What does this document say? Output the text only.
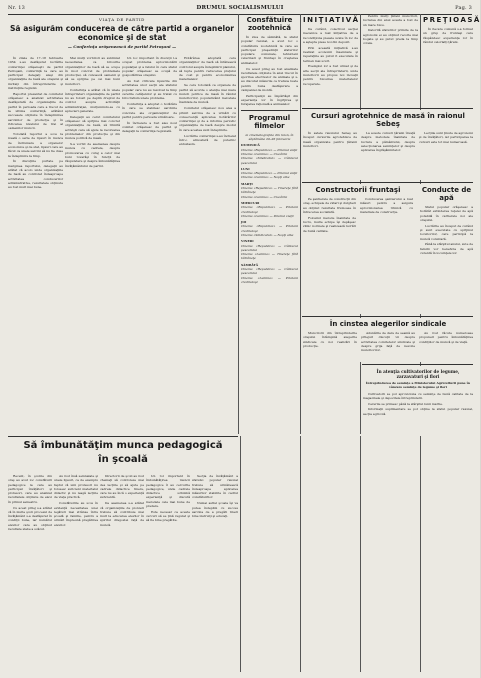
Nr. 13	DRUMUL SOCIALISMULUI	Pag. 3
VIAŢA DE PARTID
Să asigurăm conducerea de către partid a organelor economice şi de stat
— Conferinţa orăşenească de partid Petroşani —

În zilele de 17–18 februarie 1954 s-au desfăşurat lucrările conferinţei orăşeneşti de partid Petroşani, conferinţă la care au participat delegaţi aleşi din organizaţiile de bază ale oraşului şi invitaţi din întreprinderile şi instituţiile regiunii.

Raportul prezentat de comitetul orăşenesc a analizat activitatea desfăşurată de organizaţiile de partid în perioada care a trecut de la ultima conferinţă, arătând succesele obţinute în îndeplinirea sarcinilor de producţie şi în ridicarea nivelului de trai al oamenilor muncii.

Totodată raportul a scos la iveală o serie de lipsuri în munca de îndrumare a organelor economice şi de stat, lipsuri care au făcut ca unele sarcini să nu fie duse la îndeplinire la timp.

În discuţiile purtate pe marginea raportului, delegaţii au arătat că acolo unde organizaţiile de bază au controlat îndeaproape activitatea conducerilor administrative, rezultatele obţinute au fost mult mai bune.

Mai mulţi vorbitori au subliniat necesitatea ca birourile organizaţiilor de bază să se ocupe în mod concret de problemele producţiei, să cunoască oamenii şi să se sprijine pe cei mai buni muncitori.

Conferinţa a arătat că în unele întreprinderi organizaţiile de partid nu au folosit pe deplin dreptul de control asupra activităţii administraţiei, mulţumindu-se cu aprecieri generale.

Delegaţii au cerut comitetului orăşenesc să sprijine mai concret organizaţiile de bază, să trimită activişti care să ajute la rezolvarea problemelor din producţie şi din munca politică de masă.

S-a vorbit de asemenea despre munca cu cadrele, despre promovarea cu curaj a celor mai buni tovarăşi în funcţii de răspundere şi despre îmbunătăţirea învăţământului de partid.

Un loc important în discuţii l-a ocupat problema aprovizionării populaţiei şi a felului în care sfatul popular orăşenesc se ocupă de gospodărirea oraşului.

Au fost criticate lipsurile din activitatea unor secţii ale sfatului popular care nu au rezolvat la timp cererile cetăţenilor şi au tratat cu birocratism unele probleme.

Conferinţa a adoptat o hotărâre în care se stabilesc sarcinile concrete ale organizaţiilor de partid pentru perioada următoare.

În încheiere a fost ales noul comitet orăşenesc de partid şi delegaţii la conferinţa regională.

Hotărârea adoptată cere organizaţiilor de bază să întărească controlul asupra îndeplinirii planului, să lupte pentru reducerea preţului de cost şi pentru economisirea materialelor.

Se cere totodată ca organele de partid să acorde o atenţie mai mare muncii politice de masă în rândul muncitorilor, popularizând metodele înaintate de muncă.

Comitetul orăşenesc nou ales a primit sarcina de a urmări cu consecvenţă aplicarea hotărârilor conferinţei şi de a informa periodic organizaţiile de bază despre modul în care acestea sunt îndeplinite.

Lucrările conferinţei s-au încheiat într-o atmosferă de puternic entuziasm.

Consfătuire zootehnică

În ziua de sâmbătă, la sfatul popular raional, a avut loc o consfătuire zootehnică la care au participat preşedinţii sfaturilor populare comunale, tehnicieni veterinari şi fruntaşi în creşterea animalelor.

Cu acest prilej au fost analizate rezultatele obţinute în anul trecut în sporirea efectivelor de animale şi s-au discutat măsurile ce trebuie luate pentru buna desfăşurare a campaniei de montă.

Participanţii au împărtăşit din experienţa lor în îngrijirea şi furajarea raţională a animalelor.

Programul filmelor
la cinematografele din raion, în săptămâna 20–26 februarie
DUMINICĂ
Cinema «Republica» — Drumul vieţii
Cinema «Lumina» — Ciocârlia
Cinema «Sindicatul» — Cântecul pescarului
LUNI
Cinema «Republica» — Drumul vieţii
Cinema «Lumina» — Nopţi albe
MARŢI
Cinema «Republica» — Tinereţe fără bătrâneţe
Cinema «Lumina» — Ciocârlia
MIERCURI
Cinema «Republica» — Prieteni credincioşi
Cinema «Lumina» — Drumul vieţii
JOI
Cinema «Republica» — Prieteni credincioşi
Cinema «Sindicatul» — Nopţi albe
VINERI
Cinema «Republica» — Cântecul pescarului
Cinema «Lumina» — Tinereţe fără bătrâneţe
SÂMBĂTĂ
Cinema «Republica» — Cântecul pescarului
Cinema «Lumina» — Prieteni credincioşi
INIŢIATIVĂ

De curând, colectivul secţiei mecanice a luat iniţiativa de a recondiţiona piesele uzate în loc de a aştepta piese noi din depozit.

Prin această iniţiativă s-au realizat economii însemnate şi reparaţiile au putut fi executate în termen mai scurt.

Exemplul lor a fost urmat şi de alte secţii ale întreprinderii, unde muncitorii au propus noi inovaţii pentru folosirea materialelor recuperate.

Pentru mulţi ţărani muncitori, lucrarea din anul acesta a fost de un mare folos.

Datorită sfaturilor primite de la agronomi ei au obţinut recolte mai bogate şi au putut preda la timp cotele.

PREŢIOASĂ

În fiecare comună s-a format un grup de fruntaşi care răspândesc experienţa lor în rândul celorlalţi ţărani.

Cursuri agrotehnice de masă în raionul Sebeş

În satele raionului Sebeş au început cursurile agrotehnice de masă organizate pentru ţăranii muncitori.

La aceste cursuri ţăranii învaţă despre metodele înaintate de lucrare a pământului, despre selecţionarea seminţelor şi despre aplicarea îngrăşămintelor.

Lecţiile sunt ţinute de agronomi şi de învăţători, iar participarea la cursuri este tot mai numeroasă.

Constructorii fruntaşi

Pe şantierele de construcţii din oraş, echipele de zidari şi dulgheri au obţinut rezultate frumoase în întrecerea socialistă.

Folosind metode înaintate de lucru, multe echipe îşi depăşesc zilnic normele şi realizează lucrări de bună calitate.

Conducerea şantierului a luat măsuri pentru a asigura aprovizionarea ritmică cu materiale de construcţie.

Conducte de apă

Sfatul popular orăşenesc a hotărât extinderea reţelei de apă potabilă în cartierele noi ale oraşului.

Lucrările au început de curând şi sunt executate cu sprijinul locuitorilor, care participă la muncă voluntară.

Până la sfârşitul anului, sute de familii vor beneficia de apă curentă în locuinţele lor.

În cinstea alegerilor sindicale

Muncitorii din întreprinderile oraşului întâmpină alegerile sindicale cu noi realizări în producţie.

Adunările de dare de seamă au prilejuit discuţii vii despre activitatea comitetelor sindicale şi despre grija faţă de nevoile muncitorilor.

Au fost făcute numeroase propuneri pentru îmbunătăţirea condiţiilor de muncă şi de viaţă.

În atenţia cultivatorilor de legume, zarzavaturi şi flori
Întreprinderea de seminţe a Ministerului Agriculturii pune în vânzare seminţe de legume şi flori

Cultivatorii se pot aproviziona cu seminţe de bună calitate de la magazinele şi depozitele întreprinderii.

Cererile se primesc până la sfârşitul lunii martie.

Informaţii suplimentare se pot obţine la sfatul popular raional, secţia agricolă.

Să îmbunătăţim munca pedagogică
în şcoală

Recent, în şcolile din oraş au avut loc consfătuiri pedagogice la care au participat învăţători şi profesori, care au analizat rezultatele obţinute de elevi în primul semestru.

Cu acest prilej s-a arătat că în multe şcoli procesul de învăţământ s-a desfăşurat în condiţii bune, iar numărul elevilor care au obţinut rezultate slabe a scăzut.

Au fost însă semnalate şi unele lipsuri, ca de exemplu faptul că unii profesori nu folosesc suficient materialul didactic şi nu leagă lecţiile de viaţa practică.

Consfătuirile au scos în evidenţă necesitatea unei legături mai strânse între şcoală şi familie, pentru a urmări împreună pregătirea elevilor.

Directorii de şcoli au fost chemaţi să controleze mai des lecţiile şi să ajute pe cadrele didactice tinere, care nu au încă o experienţă suficientă.

De asemenea s-a arătat că organizaţiile de pionieri trebuie să contribuie mai mult la educarea elevilor în spiritul dragostei faţă de muncă.

Un rol important în îmbunătăţirea muncii pedagogice îl au cercurile pedagogice, unde cadrele didactice schimbă experienţă şi discută metodele cele mai bune de predare.

Este necesar ca aceste cercuri să se ţină regulat şi să fie bine pregătite.

Secţia de învăţământ a sfatului popular raional trebuie să urmărească îndeaproape aplicarea măsurilor stabilite în cadrul consfătuirilor.

Numai astfel şcoala îşi va putea îndeplini cu succes sarcina de a pregăti tineri bine instruiţi şi educaţi.
